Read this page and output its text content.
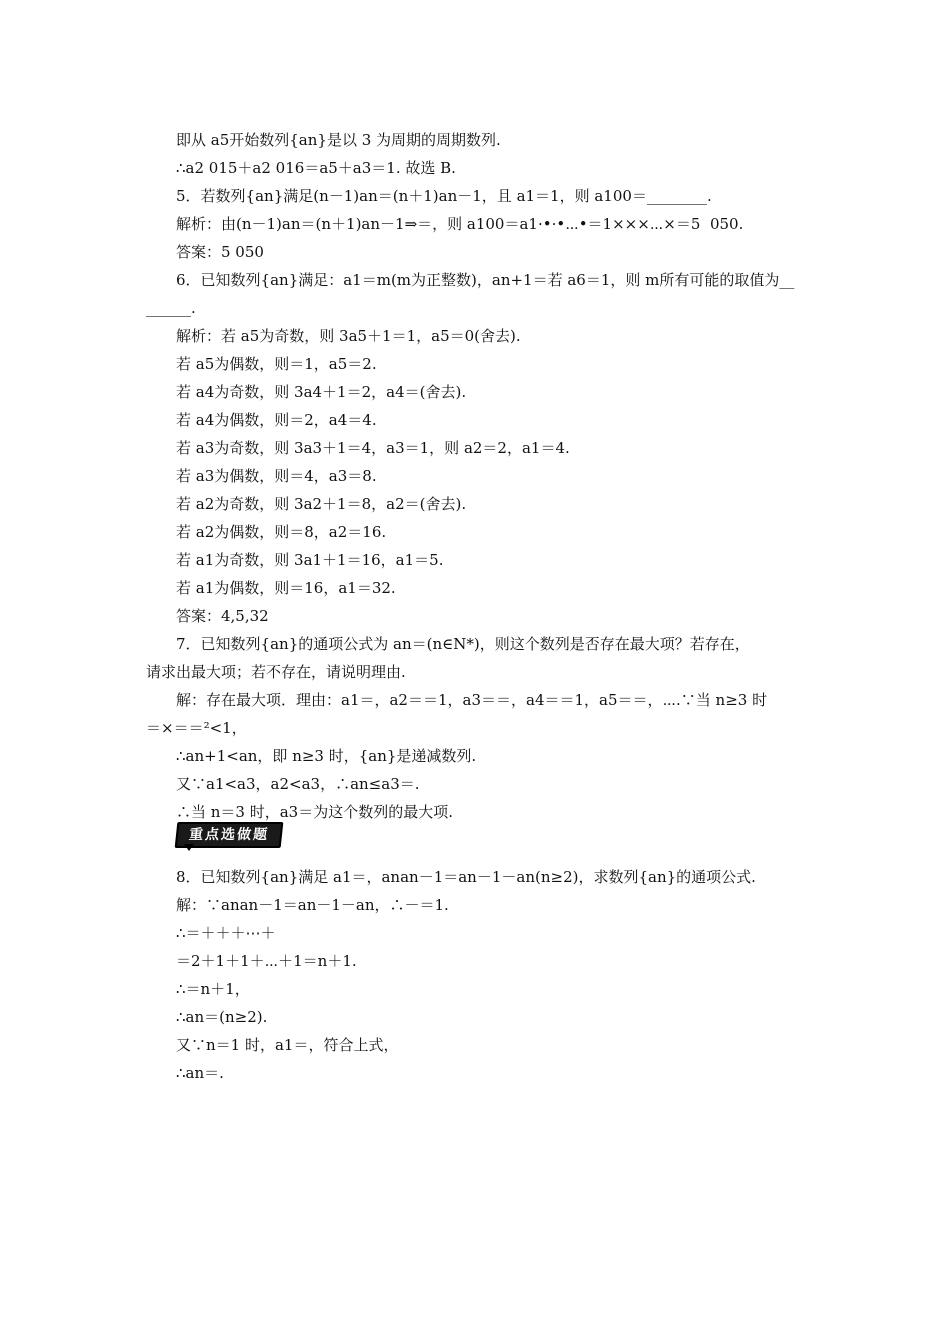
即从 a5开始数列{an}是以 3 为周期的周期数列.
∴a2 015＋a2 016＝a5＋a3＝1. 故选 B.
5．若数列{an}满足(n－1)an＝(n＋1)an－1，且 a1＝1，则 a100＝________.
解析：由(n－1)an＝(n＋1)an－1⇒＝，则 a100＝a1·•·•⋯•＝1×××⋯×＝5  050.
答案：5 050
6．已知数列{an}满足：a1＝m(m为正整数)，an+1＝若 a6＝1，则 m所有可能的取值为__
______.
解析：若 a5为奇数，则 3a5＋1＝1，a5＝0(舍去).
若 a5为偶数，则＝1，a5＝2.
若 a4为奇数，则 3a4＋1＝2，a4＝(舍去).
若 a4为偶数，则＝2，a4＝4.
若 a3为奇数，则 3a3＋1＝4，a3＝1，则 a2＝2，a1＝4.
若 a3为偶数，则＝4，a3＝8.
若 a2为奇数，则 3a2＋1＝8，a2＝(舍去).
若 a2为偶数，则＝8，a2＝16.
若 a1为奇数，则 3a1＋1＝16，a1＝5.
若 a1为偶数，则＝16，a1＝32.
答案：4,5,32
7．已知数列{an}的通项公式为 an＝(n∈N*)，则这个数列是否存在最大项？若存在，
请求出最大项；若不存在，请说明理由.
解：存在最大项．理由：a1＝，a2＝＝1，a3＝＝，a4＝＝1，a5＝＝，⋯.∵当 n≥3 时
＝×＝＝²<1，
∴an+1<an，即 n≥3 时，{an}是递减数列.
又∵a1<a3，a2<a3，∴an≤a3＝.
∴当 n＝3 时，a3＝为这个数列的最大项.
8．已知数列{an}满足 a1＝，anan－1＝an－1－an(n≥2)，求数列{an}的通项公式.
解：∵anan－1＝an－1－an，∴－＝1.
∴＝＋＋＋⋯＋
＝2＋1＋1＋⋯＋1＝n＋1.
∴＝n＋1，
∴an＝(n≥2).
又∵n＝1 时，a1＝，符合上式，
∴an＝.
重点选做题
